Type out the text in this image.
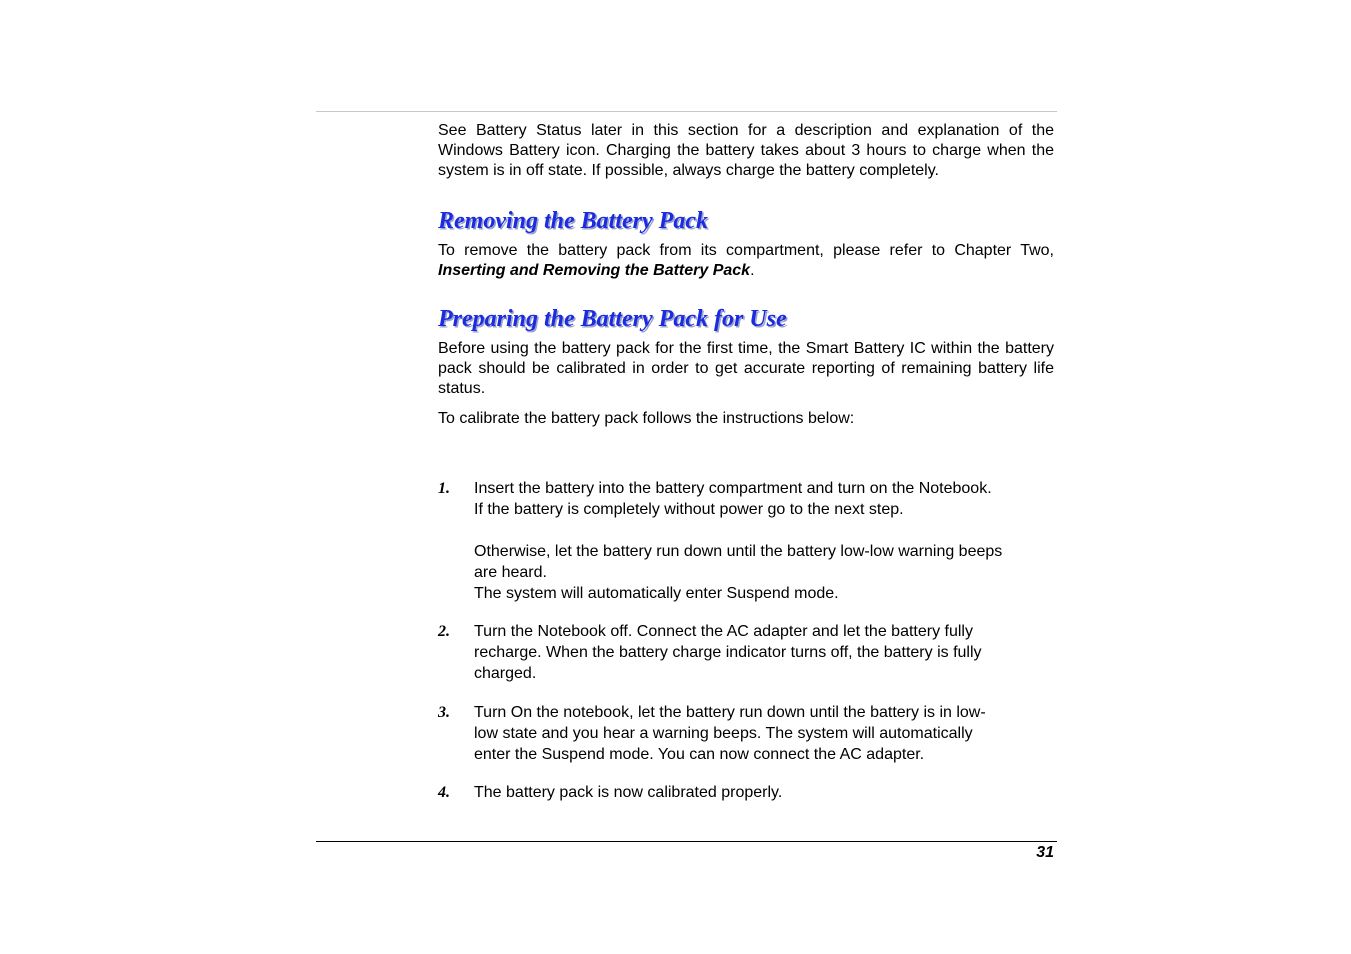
See Battery Status later in this section for a description and explanation of the Windows Battery icon. Charging the battery takes about 3 hours to charge when the system is in off state. If possible, always charge the battery completely.

Removing the Battery Pack

To remove the battery pack from its compartment, please refer to Chapter Two, Inserting and Removing the Battery Pack.

Preparing the Battery Pack for Use

Before using the battery pack for the first time, the Smart Battery IC within the battery pack should be calibrated in order to get accurate reporting of remaining battery life status.

To calibrate the battery pack follows the instructions below:

1. Insert the battery into the battery compartment and turn on the Notebook.

If the battery is completely without power go to the next step.

Otherwise, let the battery run down until the battery low-low warning beeps

are heard.

The system will automatically enter Suspend mode.

2. Turn the Notebook off. Connect the AC adapter and let the battery fully

recharge. When the battery charge indicator turns off, the battery is fully

charged.

3. Turn On the notebook, let the battery run down until the battery is in low-

low state and you hear a warning beeps. The system will automatically

enter the Suspend mode. You can now connect the AC adapter.

4. The battery pack is now calibrated properly.

31
